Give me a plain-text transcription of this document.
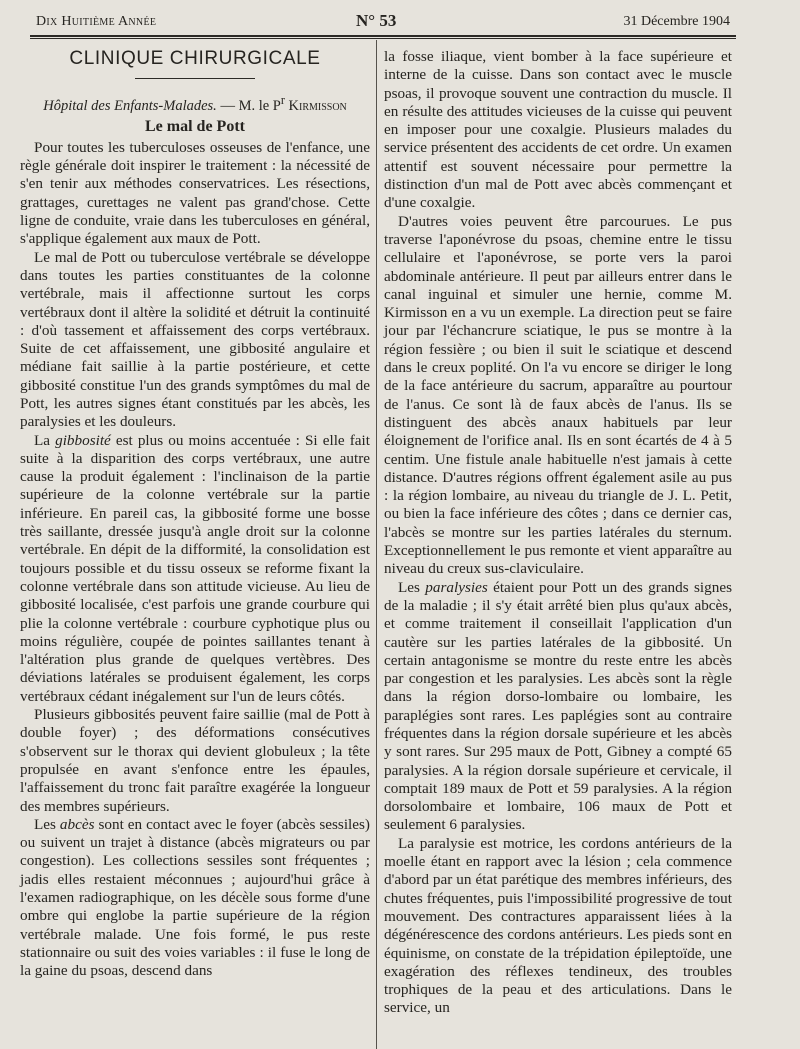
Dix Huitième Année	N° 53	31 Décembre 1904
CLINIQUE CHIRURGICALE
Hôpital des Enfants-Malades. — M. le $P^r$ Kirmisson
Le mal de Pott

Pour toutes les tuberculoses osseuses de l'enfance, une règle générale doit inspirer le traitement : la nécessité de s'en tenir aux méthodes conservatrices. Les résections, grattages, curettages ne valent pas grand'chose. Cette ligne de conduite, vraie dans les tuberculoses en général, s'applique également aux maux de Pott.

Le mal de Pott ou tuberculose vertébrale se développe dans toutes les parties constituantes de la colonne vertébrale, mais il affectionne surtout les corps vertébraux dont il altère la solidité et détruit la continuité : d'où tassement et affaissement des corps vertébraux. Suite de cet affaissement, une gibbosité angulaire et médiane fait saillie à la partie postérieure, et cette gibbosité constitue l'un des grands symptômes du mal de Pott, les autres signes étant constitués par les abcès, les paralysies et les douleurs.

La gibbosité est plus ou moins accentuée : Si elle fait suite à la disparition des corps vertébraux, une autre cause la produit également : l'inclinaison de la partie supérieure de la colonne vertébrale sur la partie inférieure. En pareil cas, la gibbosité forme une bosse très saillante, dressée jusqu'à angle droit sur la colonne vertébrale. En dépit de la difformité, la consolidation est toujours possible et du tissu osseux se reforme fixant la colonne vertébrale dans son attitude vicieuse. Au lieu de gibbosité localisée, c'est parfois une grande courbure qui plie la colonne vertébrale : courbure cyphotique plus ou moins régulière, coupée de pointes saillantes tenant à l'altération plus grande de quelques vertèbres. Des déviations latérales se produisent également, les corps vertébraux cédant inégalement sur l'un de leurs côtés.

Plusieurs gibbosités peuvent faire saillie (mal de Pott à double foyer) ; des déformations consécutives s'observent sur le thorax qui devient globuleux ; la tête propulsée en avant s'enfonce entre les épaules, l'affaissement du tronc fait paraître exagérée la longueur des membres supérieurs.

Les abcès sont en contact avec le foyer (abcès sessiles) ou suivent un trajet à distance (abcès migrateurs ou par congestion). Les collections sessiles sont fréquentes ; jadis elles restaient méconnues ; aujourd'hui grâce à l'examen radiographique, on les décèle sous forme d'une ombre qui englobe la partie supérieure de la région vertébrale malade. Une fois formé, le pus reste stationnaire ou suit des voies variables : il fuse le long de la gaine du psoas, descend dans

la fosse iliaque, vient bomber à la face supérieure et interne de la cuisse. Dans son contact avec le muscle psoas, il provoque souvent une contraction du muscle. Il en résulte des attitudes vicieuses de la cuisse qui peuvent en imposer pour une coxalgie. Plusieurs malades du service présentent des accidents de cet ordre. Un examen attentif est souvent nécessaire pour permettre la distinction d'un mal de Pott avec abcès commençant et d'une coxalgie.

D'autres voies peuvent être parcourues. Le pus traverse l'aponévrose du psoas, chemine entre le tissu cellulaire et l'aponévrose, se porte vers la paroi abdominale antérieure. Il peut par ailleurs entrer dans le canal inguinal et simuler une hernie, comme M. Kirmisson en a vu un exemple. La direction peut se faire jour par l'échancrure sciatique, le pus se montre à la région fessière ; ou bien il suit le sciatique et descend dans le creux poplité. On l'a vu encore se diriger le long de la face antérieure du sacrum, apparaître au pourtour de l'anus. Ce sont là de faux abcès de l'anus. Ils se distinguent des abcès anaux habituels par leur éloignement de l'orifice anal. Ils en sont écartés de 4 à 5 centim. Une fistule anale habituelle n'est jamais à cette distance. D'autres régions offrent également asile au pus : la région lombaire, au niveau du triangle de J. L. Petit, ou bien la face inférieure des côtes ; dans ce dernier cas, l'abcès se montre sur les parties latérales du sternum. Exceptionnellement le pus remonte et vient apparaître au niveau du creux sus-claviculaire.

Les paralysies étaient pour Pott un des grands signes de la maladie ; il s'y était arrêté bien plus qu'aux abcès, et comme traitement il conseillait l'application d'un cautère sur les parties latérales de la gibbosité. Un certain antagonisme se montre du reste entre les abcès par congestion et les paralysies. Les abcès sont la règle dans la région dorso-lombaire ou lombaire, les paraplégies sont rares. Les paplégies sont au contraire fréquentes dans la région dorsale supérieure et les abcès y sont rares. Sur 295 maux de Pott, Gibney a compté 65 paralysies. A la région dorsale supérieure et cervicale, il comptait 189 maux de Pott et 59 paralysies. A la région dorsolombaire et lombaire, 106 maux de Pott et seulement 6 paralysies.

La paralysie est motrice, les cordons antérieurs de la moelle étant en rapport avec la lésion ; cela commence d'abord par un état parétique des membres inférieurs, des chutes fréquentes, puis l'impossibilité progressive de tout mouvement. Des contractures apparaissent liées à la dégénérescence des cordons antérieurs. Les pieds sont en équinisme, on constate de la trépidation épileptoïde, une exagération des réflexes tendineux, des troubles trophiques de la peau et des articulations. Dans le service, un
